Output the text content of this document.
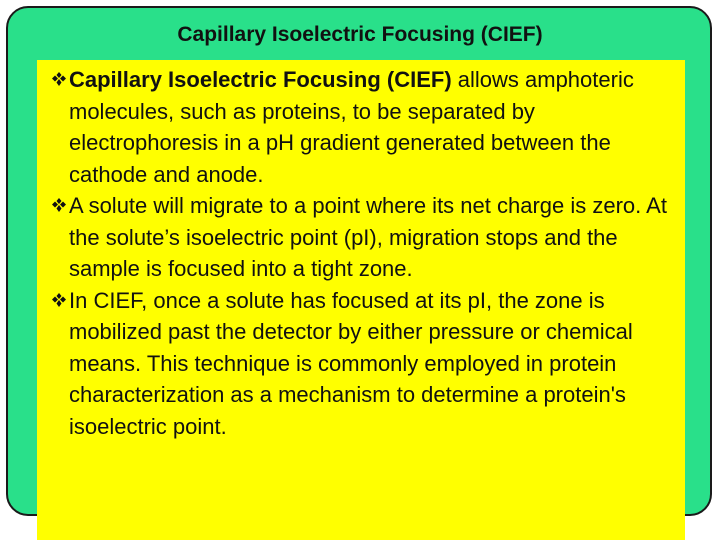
Capillary Isoelectric Focusing (CIEF)

Capillary Isoelectric Focusing (CIEF) allows amphoteric molecules, such as proteins, to be separated by electrophoresis in a pH gradient generated between the cathode and anode.

A solute will migrate to a point where its net charge is zero. At the solute’s isoelectric point (pI), migration stops and the sample is focused into a tight zone.

In CIEF, once a solute has focused at its pI, the zone is mobilized past the detector by either pressure or chemical means. This technique is commonly employed in protein characterization as a mechanism to determine a protein's isoelectric point.
